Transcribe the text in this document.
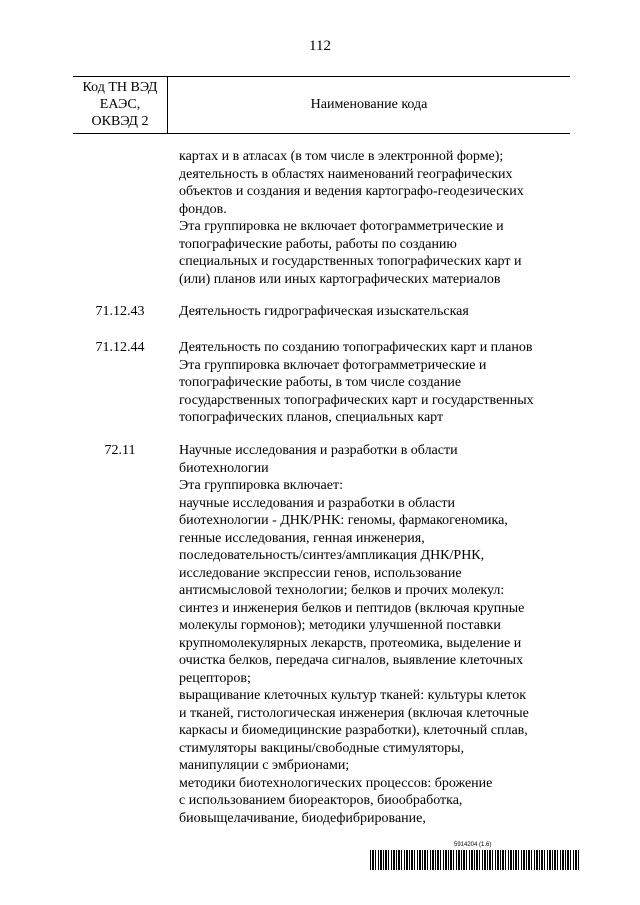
112
Код ТН ВЭД
ЕАЭС,
ОКВЭД 2
Наименование кода
картах и в атласах (в том числе в электронной форме);
деятельность в областях наименований географических
объектов и создания и ведения картографо-геодезических
фондов.
Эта группировка не включает фотограмметрические и
топографические работы, работы по созданию
специальных и государственных топографических карт и
(или) планов или иных картографических материалов
71.12.43	Деятельность гидрографическая изыскательская
71.12.44	Деятельность по созданию топографических карт и планов
Эта группировка включает фотограмметрические и
топографические работы, в том числе создание
государственных топографических карт и государственных
топографических планов, специальных карт
72.11	Научные исследования и разработки в области
биотехнологии
Эта группировка включает:
научные исследования и разработки в области
биотехнологии - ДНК/РНК: геномы, фармакогеномика,
генные исследования, генная инженерия,
последовательность/синтез/ампликация ДНК/РНК,
исследование экспрессии генов, использование
антисмысловой технологии; белков и прочих молекул:
синтез и инженерия белков и пептидов (включая крупные
молекулы гормонов); методики улучшенной поставки
крупномолекулярных лекарств, протеомика, выделение и
очистка белков, передача сигналов, выявление клеточных
рецепторов;
выращивание клеточных культур тканей: культуры клеток
и тканей, гистологическая инженерия (включая клеточные
каркасы и биомедицинские разработки), клеточный сплав,
стимуляторы вакцины/свободные стимуляторы,
манипуляции с эмбрионами;
методики биотехнологических процессов: брожение
с использованием биореакторов, биообработка,
биовыщелачивание, биодефибрирование,
5914204 (1.6)
